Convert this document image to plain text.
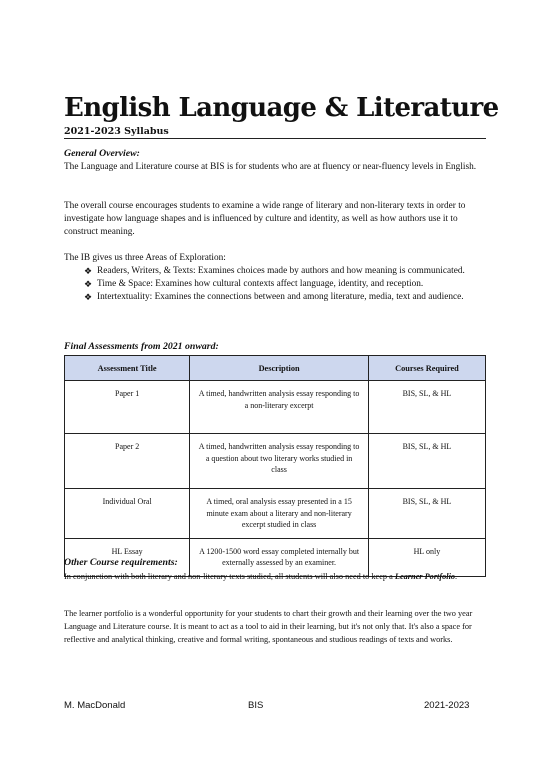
English Language & Literature
2021-2023 Syllabus
General Overview:
The Language and Literature course at BIS is for students who are at fluency or near-fluency levels in English.
The overall course encourages students to examine a wide range of literary and non-literary texts in order to investigate how language shapes and is influenced by culture and identity, as well as how authors use it to construct meaning.
The IB gives us three Areas of Exploration:
❖ Readers, Writers, & Texts: Examines choices made by authors and how meaning is communicated.
❖ Time & Space: Examines how cultural contexts affect language, identity, and reception.
❖ Intertextuality: Examines the connections between and among literature, media, text and audience.
Final Assessments from 2021 onward:
Assessment Title	Description	Courses Required
Paper 1	A timed, handwritten analysis essay responding to a non-literary excerpt	BIS, SL, & HL
Paper 2	A timed, handwritten analysis essay responding to a question about two literary works studied in class	BIS, SL, & HL
Individual Oral	A timed, oral analysis essay presented in a 15 minute exam about a literary and non-literary excerpt studied in class	BIS, SL, & HL
HL Essay	A 1200-1500 word essay completed internally but externally assessed by an examiner.	HL only
Other Course requirements:
In conjunction with both literary and non-literary texts studied, all students will also need to keep a Learner Portfolio.
The learner portfolio is a wonderful opportunity for your students to chart their growth and their learning over the two year Language and Literature course. It is meant to act as a tool to aid in their learning, but it's not only that. It's also a space for reflective and analytical thinking, creative and formal writing, spontaneous and studious readings of texts and works.
M. MacDonald	BIS	2021-2023
